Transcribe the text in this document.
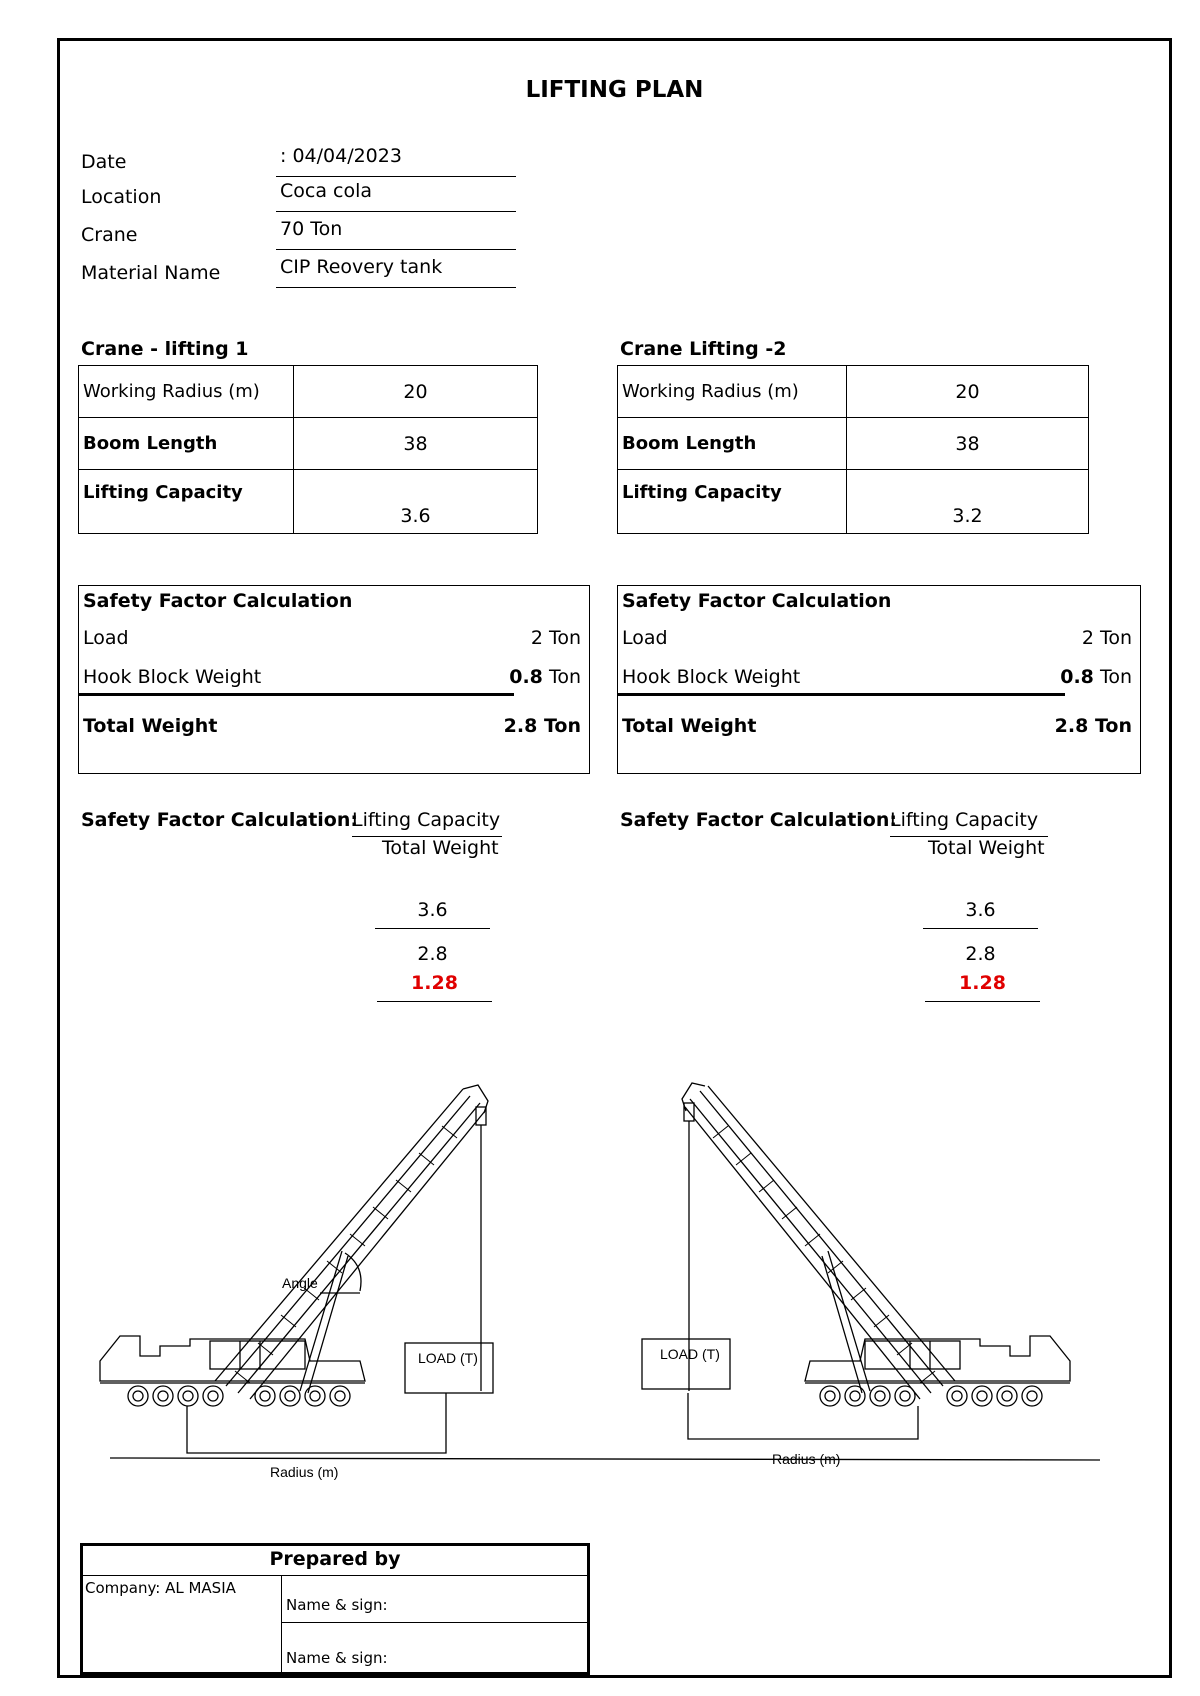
LIFTING PLAN
Date	: 04/04/2023
Location	Coca cola
Crane	70 Ton
Material Name	CIP Reovery tank
Crane - lifting 1
Working Radius (m)	20
Boom Length	38
Lifting Capacity	3.6
Crane Lifting -2
Working Radius (m)	20
Boom Length	38
Lifting Capacity	3.2
Safety Factor Calculation
Load	2 Ton
Hook Block Weight	0.8 Ton
Total Weight	2.8 Ton
Safety Factor Calculation
Load	2 Ton
Hook Block Weight	0.8 Ton
Total Weight	2.8 Ton
Safety Factor Calculation:
Lifting Capacity
Total Weight
3.6
2.8
1.28
Safety Factor Calculation:
Lifting Capacity
Total Weight
3.6
2.8
1.28
Angle
LOAD (T)	LOAD (T)
Radius (m)
Radius (m)
Prepared by
Company: AL MASIA
Name & sign:
Name & sign:
